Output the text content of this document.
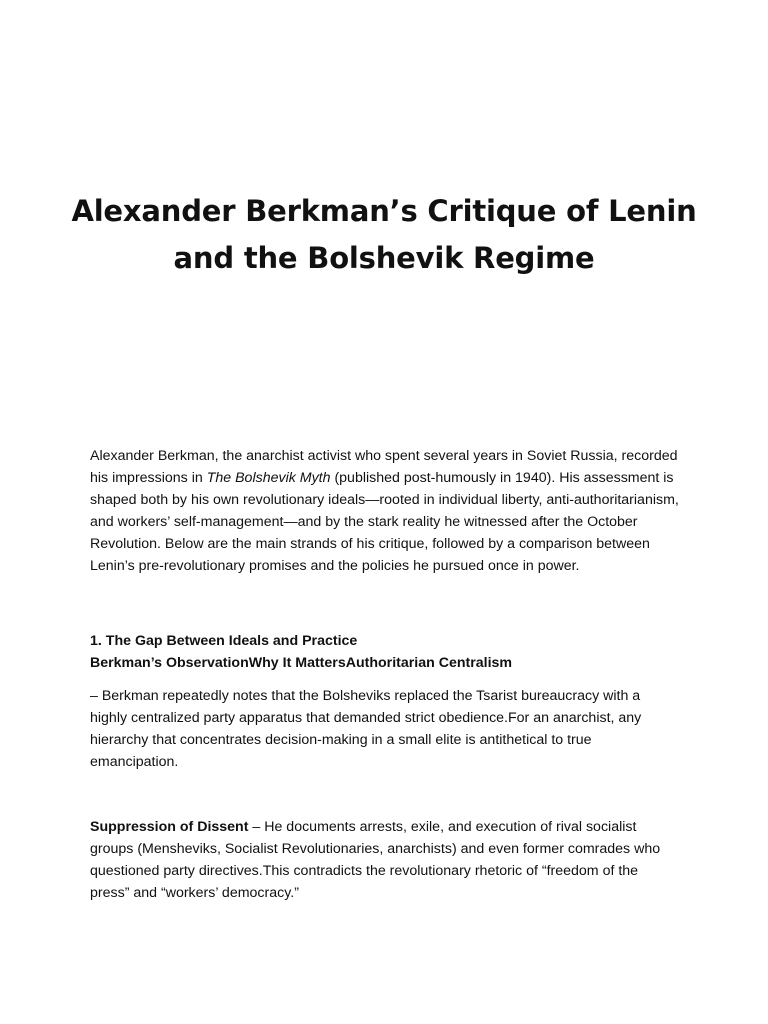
Alexander Berkman’s Critique of Lenin
and the Bolshevik Regime

Alexander Berkman, the anarchist activist who spent several years in Soviet Russia, recorded his impressions in The Bolshevik Myth (published post-humously in 1940). His assessment is shaped both by his own revolutionary ideals—rooted in individual liberty, anti-authoritarianism, and workers’ self-management—and by the stark reality he witnessed after the October Revolution. Below are the main strands of his critique, followed by a comparison between Lenin’s pre-revolutionary promises and the policies he pursued once in power.

1. The Gap Between Ideals and Practice
Berkman’s ObservationWhy It MattersAuthoritarian Centralism

– Berkman repeatedly notes that the Bolsheviks replaced the Tsarist bureaucracy with a highly centralized party apparatus that demanded strict obedience.For an anarchist, any hierarchy that concentrates decision-making in a small elite is antithetical to true emancipation.

Suppression of Dissent – He documents arrests, exile, and execution of rival socialist groups (Mensheviks, Socialist Revolutionaries, anarchists) and even former comrades who questioned party directives.This contradicts the revolutionary rhetoric of “freedom of the press” and “workers’ democracy.”
